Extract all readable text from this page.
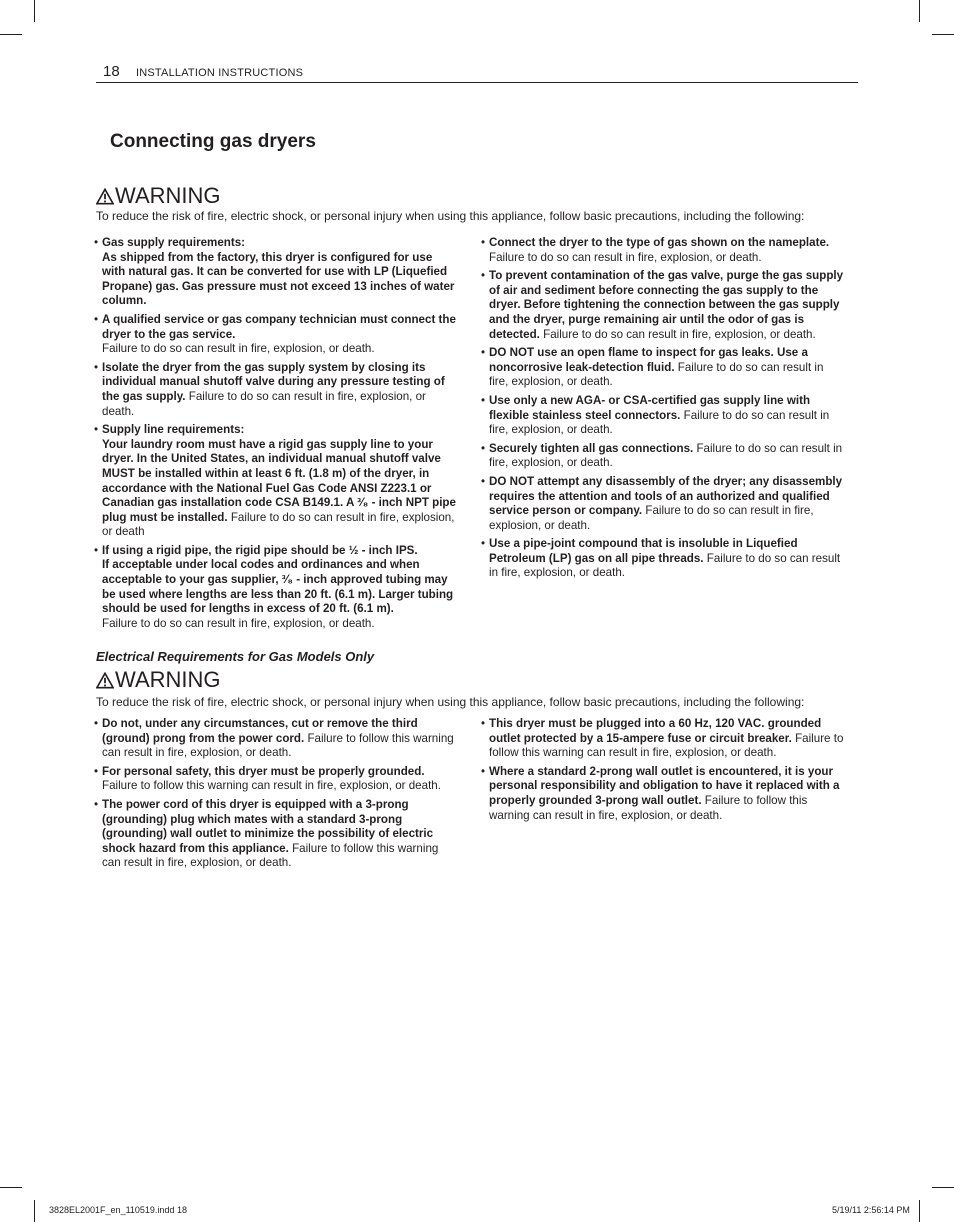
18 INSTALLATION INSTRUCTIONS
Connecting gas dryers
WARNING
To reduce the risk of fire, electric shock, or personal injury when using this appliance, follow basic precautions, including the following:
• Gas supply requirements:
As shipped from the factory, this dryer is configured for use with natural gas. It can be converted for use with LP (Liquefied Propane) gas. Gas pressure must not exceed 13 inches of water column.
• A qualified service or gas company technician must connect the dryer to the gas service.
Failure to do so can result in fire, explosion, or death.
• Isolate the dryer from the gas supply system by closing its individual manual shutoff valve during any pressure testing of the gas supply. Failure to do so can result in fire, explosion, or death.
• Supply line requirements:
Your laundry room must have a rigid gas supply line to your dryer. In the United States, an individual manual shutoff valve MUST be installed within at least 6 ft. (1.8 m) of the dryer, in accordance with the National Fuel Gas Code ANSI Z223.1 or Canadian gas installation code CSA B149.1. A ³⁄₈ - inch NPT pipe plug must be installed. Failure to do so can result in fire, explosion, or death
• If using a rigid pipe, the rigid pipe should be ½ - inch IPS.
If acceptable under local codes and ordinances and when acceptable to your gas supplier, ³⁄₈ - inch approved tubing may be used where lengths are less than 20 ft. (6.1 m). Larger tubing should be used for lengths in excess of 20 ft. (6.1 m).
Failure to do so can result in fire, explosion, or death.
• Connect the dryer to the type of gas shown on the nameplate.
Failure to do so can result in fire, explosion, or death.
• To prevent contamination of the gas valve, purge the gas supply of air and sediment before connecting the gas supply to the dryer. Before tightening the connection between the gas supply and the dryer, purge remaining air until the odor of gas is detected. Failure to do so can result in fire, explosion, or death.
• DO NOT use an open flame to inspect for gas leaks. Use a noncorrosive leak-detection fluid. Failure to do so can result in fire, explosion, or death.
• Use only a new AGA- or CSA-certified gas supply line with flexible stainless steel connectors. Failure to do so can result in fire, explosion, or death.
• Securely tighten all gas connections. Failure to do so can result in fire, explosion, or death.
• DO NOT attempt any disassembly of the dryer; any disassembly requires the attention and tools of an authorized and qualified service person or company. Failure to do so can result in fire, explosion, or death.
• Use a pipe-joint compound that is insoluble in Liquefied Petroleum (LP) gas on all pipe threads. Failure to do so can result in fire, explosion, or death.
Electrical Requirements for Gas Models Only
WARNING
To reduce the risk of fire, electric shock, or personal injury when using this appliance, follow basic precautions, including the following:
• Do not, under any circumstances, cut or remove the third (ground) prong from the power cord. Failure to follow this warning can result in fire, explosion, or death.
• For personal safety, this dryer must be properly grounded.
Failure to follow this warning can result in fire, explosion, or death.
• The power cord of this dryer is equipped with a 3-prong (grounding) plug which mates with a standard 3-prong (grounding) wall outlet to minimize the possibility of electric shock hazard from this appliance. Failure to follow this warning can result in fire, explosion, or death.
• This dryer must be plugged into a 60 Hz, 120 VAC. grounded outlet protected by a 15-ampere fuse or circuit breaker. Failure to follow this warning can result in fire, explosion, or death.
• Where a standard 2-prong wall outlet is encountered, it is your personal responsibility and obligation to have it replaced with a properly grounded 3-prong wall outlet. Failure to follow this warning can result in fire, explosion, or death.
3828EL2001F_en_110519.indd 18	5/19/11 2:56:14 PM
